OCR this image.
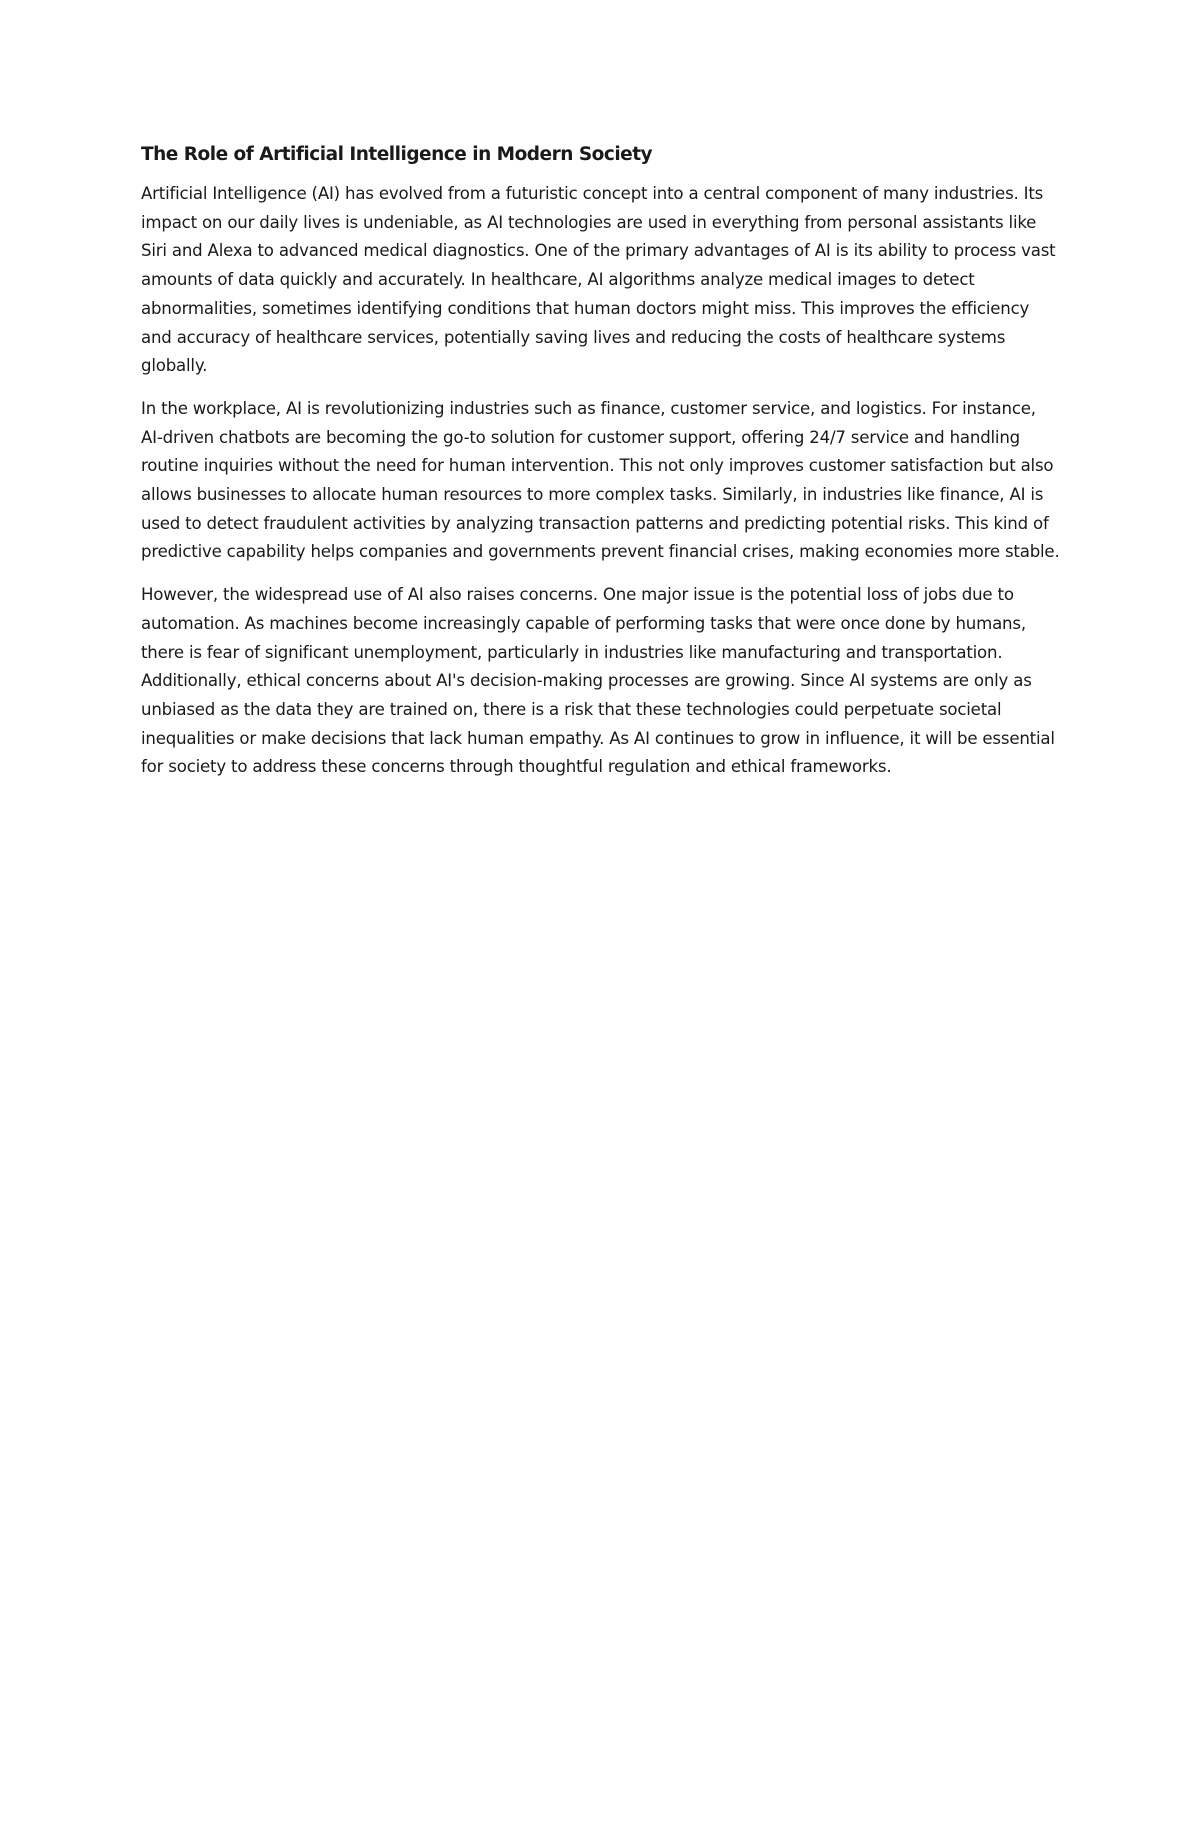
The Role of Artificial Intelligence in Modern Society

Artificial Intelligence (AI) has evolved from a futuristic concept into a central component of many industries. Its impact on our daily lives is undeniable, as AI technologies are used in everything from personal assistants like Siri and Alexa to advanced medical diagnostics. One of the primary advantages of AI is its ability to process vast amounts of data quickly and accurately. In healthcare, AI algorithms analyze medical images to detect abnormalities, sometimes identifying conditions that human doctors might miss. This improves the efficiency and accuracy of healthcare services, potentially saving lives and reducing the costs of healthcare systems globally.

In the workplace, AI is revolutionizing industries such as finance, customer service, and logistics. For instance, AI-driven chatbots are becoming the go-to solution for customer support, offering 24/7 service and handling routine inquiries without the need for human intervention. This not only improves customer satisfaction but also allows businesses to allocate human resources to more complex tasks. Similarly, in industries like finance, AI is used to detect fraudulent activities by analyzing transaction patterns and predicting potential risks. This kind of predictive capability helps companies and governments prevent financial crises, making economies more stable.

However, the widespread use of AI also raises concerns. One major issue is the potential loss of jobs due to automation. As machines become increasingly capable of performing tasks that were once done by humans, there is fear of significant unemployment, particularly in industries like manufacturing and transportation. Additionally, ethical concerns about AI's decision-making processes are growing. Since AI systems are only as unbiased as the data they are trained on, there is a risk that these technologies could perpetuate societal inequalities or make decisions that lack human empathy. As AI continues to grow in influence, it will be essential for society to address these concerns through thoughtful regulation and ethical frameworks.
